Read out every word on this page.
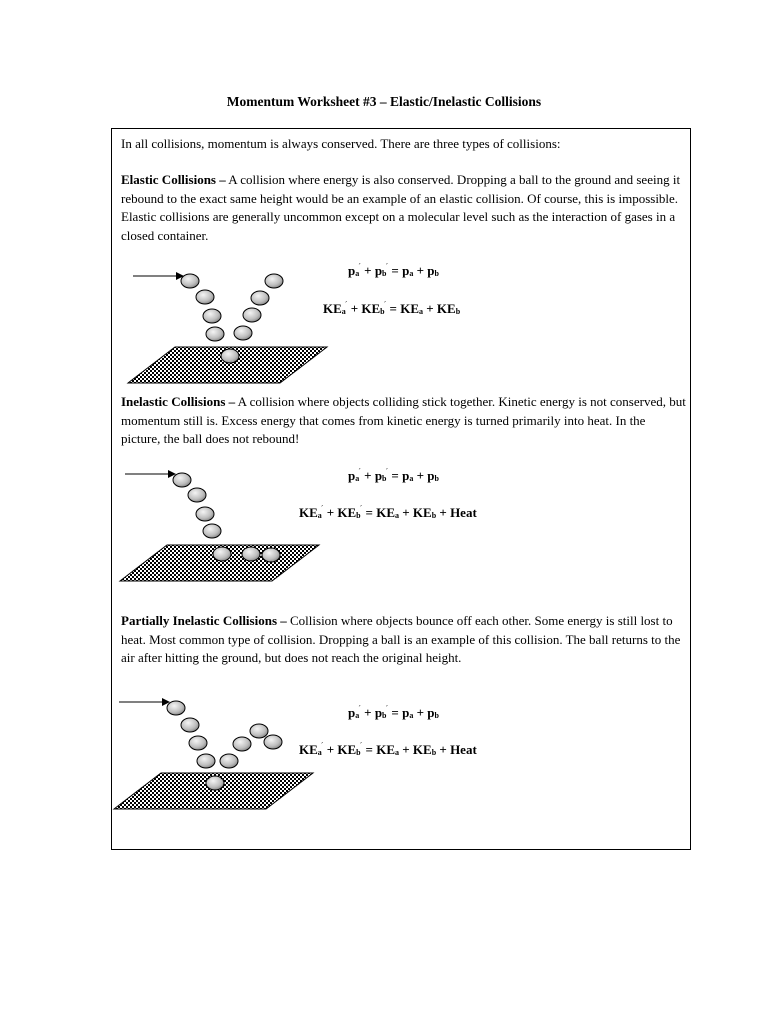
Momentum Worksheet #3 – Elastic/Inelastic Collisions
In all collisions, momentum is always conserved. There are three types of collisions:
Elastic Collisions – A collision where energy is also conserved. Dropping a ball to the ground and seeing it rebound to the exact same height would be an example of an elastic collision. Of course, this is impossible. Elastic collisions are generally uncommon except on a molecular level such as the interaction of gases in a closed container.
$p_a^´ + p_b^´ = p_a + p_b$
$KE_a^´ + KE_b^´ = KE_a + KE_b$
Inelastic Collisions – A collision where objects colliding stick together. Kinetic energy is not conserved, but momentum still is. Excess energy that comes from kinetic energy is turned primarily into heat. In the picture, the ball does not rebound!
$p_a^´ + p_b^´ = p_a + p_b$
$KE_a^´ + KE_b^´ = KE_a + KE_b$ + Heat
Partially Inelastic Collisions – Collision where objects bounce off each other. Some energy is still lost to heat. Most common type of collision. Dropping a ball is an example of this collision. The ball returns to the air after hitting the ground, but does not reach the original height.
$p_a^´ + p_b^´ = p_a + p_b$
$KE_a^´ + KE_b^´ = KE_a + KE_b$ + Heat
